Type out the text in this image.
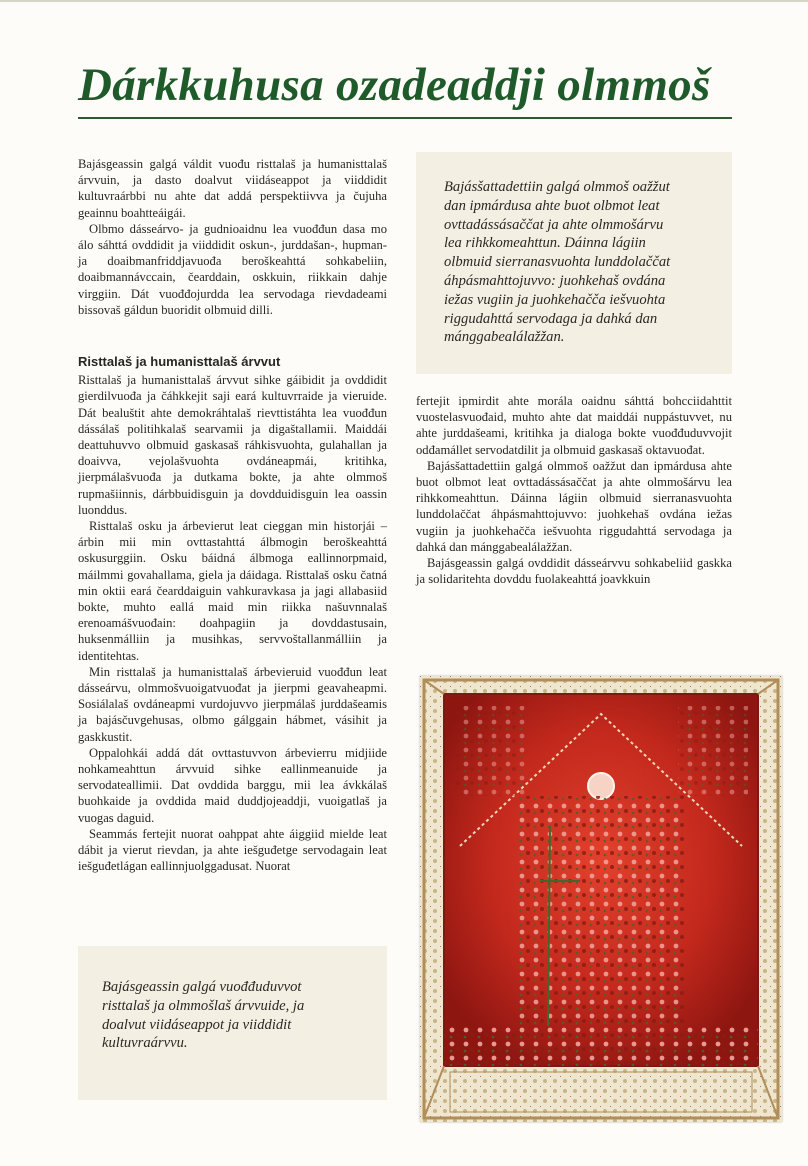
Dárkkuhusa ozadeaddji olmmoš

Bajásgeassin galgá váldit vuođu risttalaš ja humanisttalaš árvvuin, ja dasto doalvut viidáseappot ja viiddidit kultuvraárbbi nu ahte dat addá perspektiivva ja čujuha geainnu boahtteáigái.

Olbmo dásseárvo- ja gudnioaidnu lea vuođđun dasa mo álo sáhttá ovddidit ja viiddidit oskun-, jurddašan-, hupman- ja doaibmanfriddjavuođa beroškeahttá sohkabeliin, doaibmannávccain, čearddain, oskkuin, riikkain dahje virggiin. Dát vuođđojurdda lea servodaga rievdadeami bissovaš gáldun buoridit olbmuid dilli.

Risttalaš ja humanisttalaš árvvut

Risttalaš ja humanisttalaš árvvut sihke gáibidit ja ovddidit gierdilvuođa ja čáhkkejit saji eará kultuvrraide ja vieruide. Dát bealuštit ahte demokráhtalaš rievttistáhta lea vuođđun dássálaš politihkalaš searvamii ja digaštallamii. Maiddái deattuhuvvo olbmuid gaskasaš ráhkisvuohta, gulahallan ja doaivva, vejolašvuohta ovdáneapmái, kritihka, jierpmálašvuođa ja dutkama bokte, ja ahte olmmoš rupmašiinnis, dárbbuidisguin ja dovdduidisguin lea oassin luonddus.

Risttalaš osku ja árbevierut leat cieggan min historjái – árbin mii min ovttastahttá álbmogin beroškeahttá oskusurggiin. Osku báidná álbmoga eallinnorpmaid, máilmmi govahallama, giela ja dáidaga. Risttalaš osku čatná min oktii eará čearddaiguin vahkuravkasa ja jagi allabasiid bokte, muhto eallá maid min riikka našuvnnalaš erenoamášvuođain: doahpagiin ja dovddastusain, huksenmálliin ja musihkas, servvoštallanmálliin ja identitehtas.

Min risttalaš ja humanisttalaš árbevieruid vuođđun leat dásseárvu, olmmošvuoigatvuođat ja jierpmi geavaheapmi. Sosiálalaš ovdáneapmi vurdojuvvo jierpmálaš jurddašeamis ja bajásčuvgehusas, olbmo gálggain hábmet, vásihit ja gaskkustit.

Oppalohkái addá dát ovttastuvvon árbevierru midjiide nohkameahttun árvvuid sihke eallinmeanuide ja servodateallimii. Dat ovddida barggu, mii lea ávkkálaš buohkaide ja ovddida maid duddjojeaddji, vuoigatlaš ja vuogas daguid.

Seammás fertejit nuorat oahppat ahte áiggiid mielde leat dábit ja vierut rievdan, ja ahte iešguđetge servodagain leat iešguđetlágan eallinnjuolggadusat. Nuorat

fertejit ipmirdit ahte morála oaidnu sáhttá bohcciidahttit vuostelasvuođaid, muhto ahte dat maiddái nuppástuvvet, nu ahte jurddašeami, kritihka ja dialoga bokte vuođđuduvvojit odđamállet servodatdilit ja olbmuid gaskasaš oktavuođat.

Bajásšattadettiin galgá olmmoš oažžut dan ipmárdusa ahte buot olbmot leat ovttadássásaččat ja ahte olmmošárvu lea rihkkomeahttun. Dáinna lágiin olbmuid sierranasvuohta lunddolaččat áhpásmahttojuvvo: juohkehaš ovdána iežas vugiin ja juohkehačča iešvuohta riggudahttá servodaga ja dahká dan mánggabealálažžan.

Bajásgeassin galgá ovddidit dásseárvvu sohkabeliid gaskka ja solidaritehta dovddu fuolakeahttá joavkkuin

Bajásšattadettiin galgá olmmoš oažžut
dan ipmárdusa ahte buot olbmot leat
ovttadássásaččat ja ahte olmmošárvu
lea rihkkomeahttun. Dáinna lágiin
olbmuid sierranasvuohta lunddolaččat
áhpásmahttojuvvo: juohkehaš ovdána
iežas vugiin ja juohkehačča iešvuohta
riggudahttá servodaga ja dahká dan
mánggabealálažžan.
Bajásgeassin galgá vuođđuduvvot
risttalaš ja olmmošlaš árvvuide, ja
doalvut viidáseappot ja viiddidit
kultuvraárvvu.
